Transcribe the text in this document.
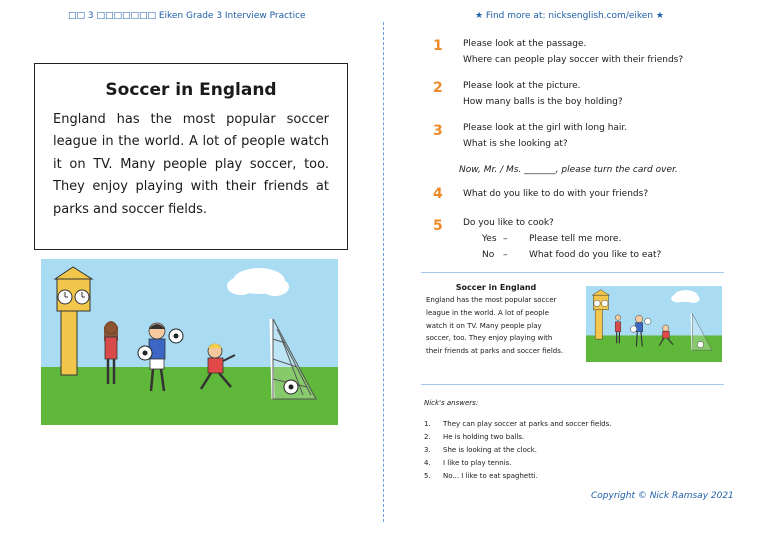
□□ 3 □□□□□□□ Eiken Grade 3 Interview Practice	★ Find more at: nicksenglish.com/eiken ★
Soccer in England
England has the most popular soccer league in the world. A lot of people watch it on TV. Many people play soccer, too. They enjoy playing with their friends at parks and soccer fields.
1 Please look at the passage.
Where can people play soccer with their friends?
2 Please look at the picture.
How many balls is the boy holding?
3 Please look at the girl with long hair.
What is she looking at?
Now, Mr. / Ms. _______, please turn the card over.
4 What do you like to do with your friends?
5 Do you like to cook?
Yes – Please tell me more.
No – What food do you like to eat?
Soccer in England
England has the most popular soccer league in the world. A lot of people watch it on TV. Many people play soccer, too. They enjoy playing with their friends at parks and soccer fields.
Nick's answers:
1. They can play soccer at parks and soccer fields.
2. He is holding two balls.
3. She is looking at the clock.
4. I like to play tennis.
5. No... I like to eat spaghetti.
Copyright © Nick Ramsay 2021
